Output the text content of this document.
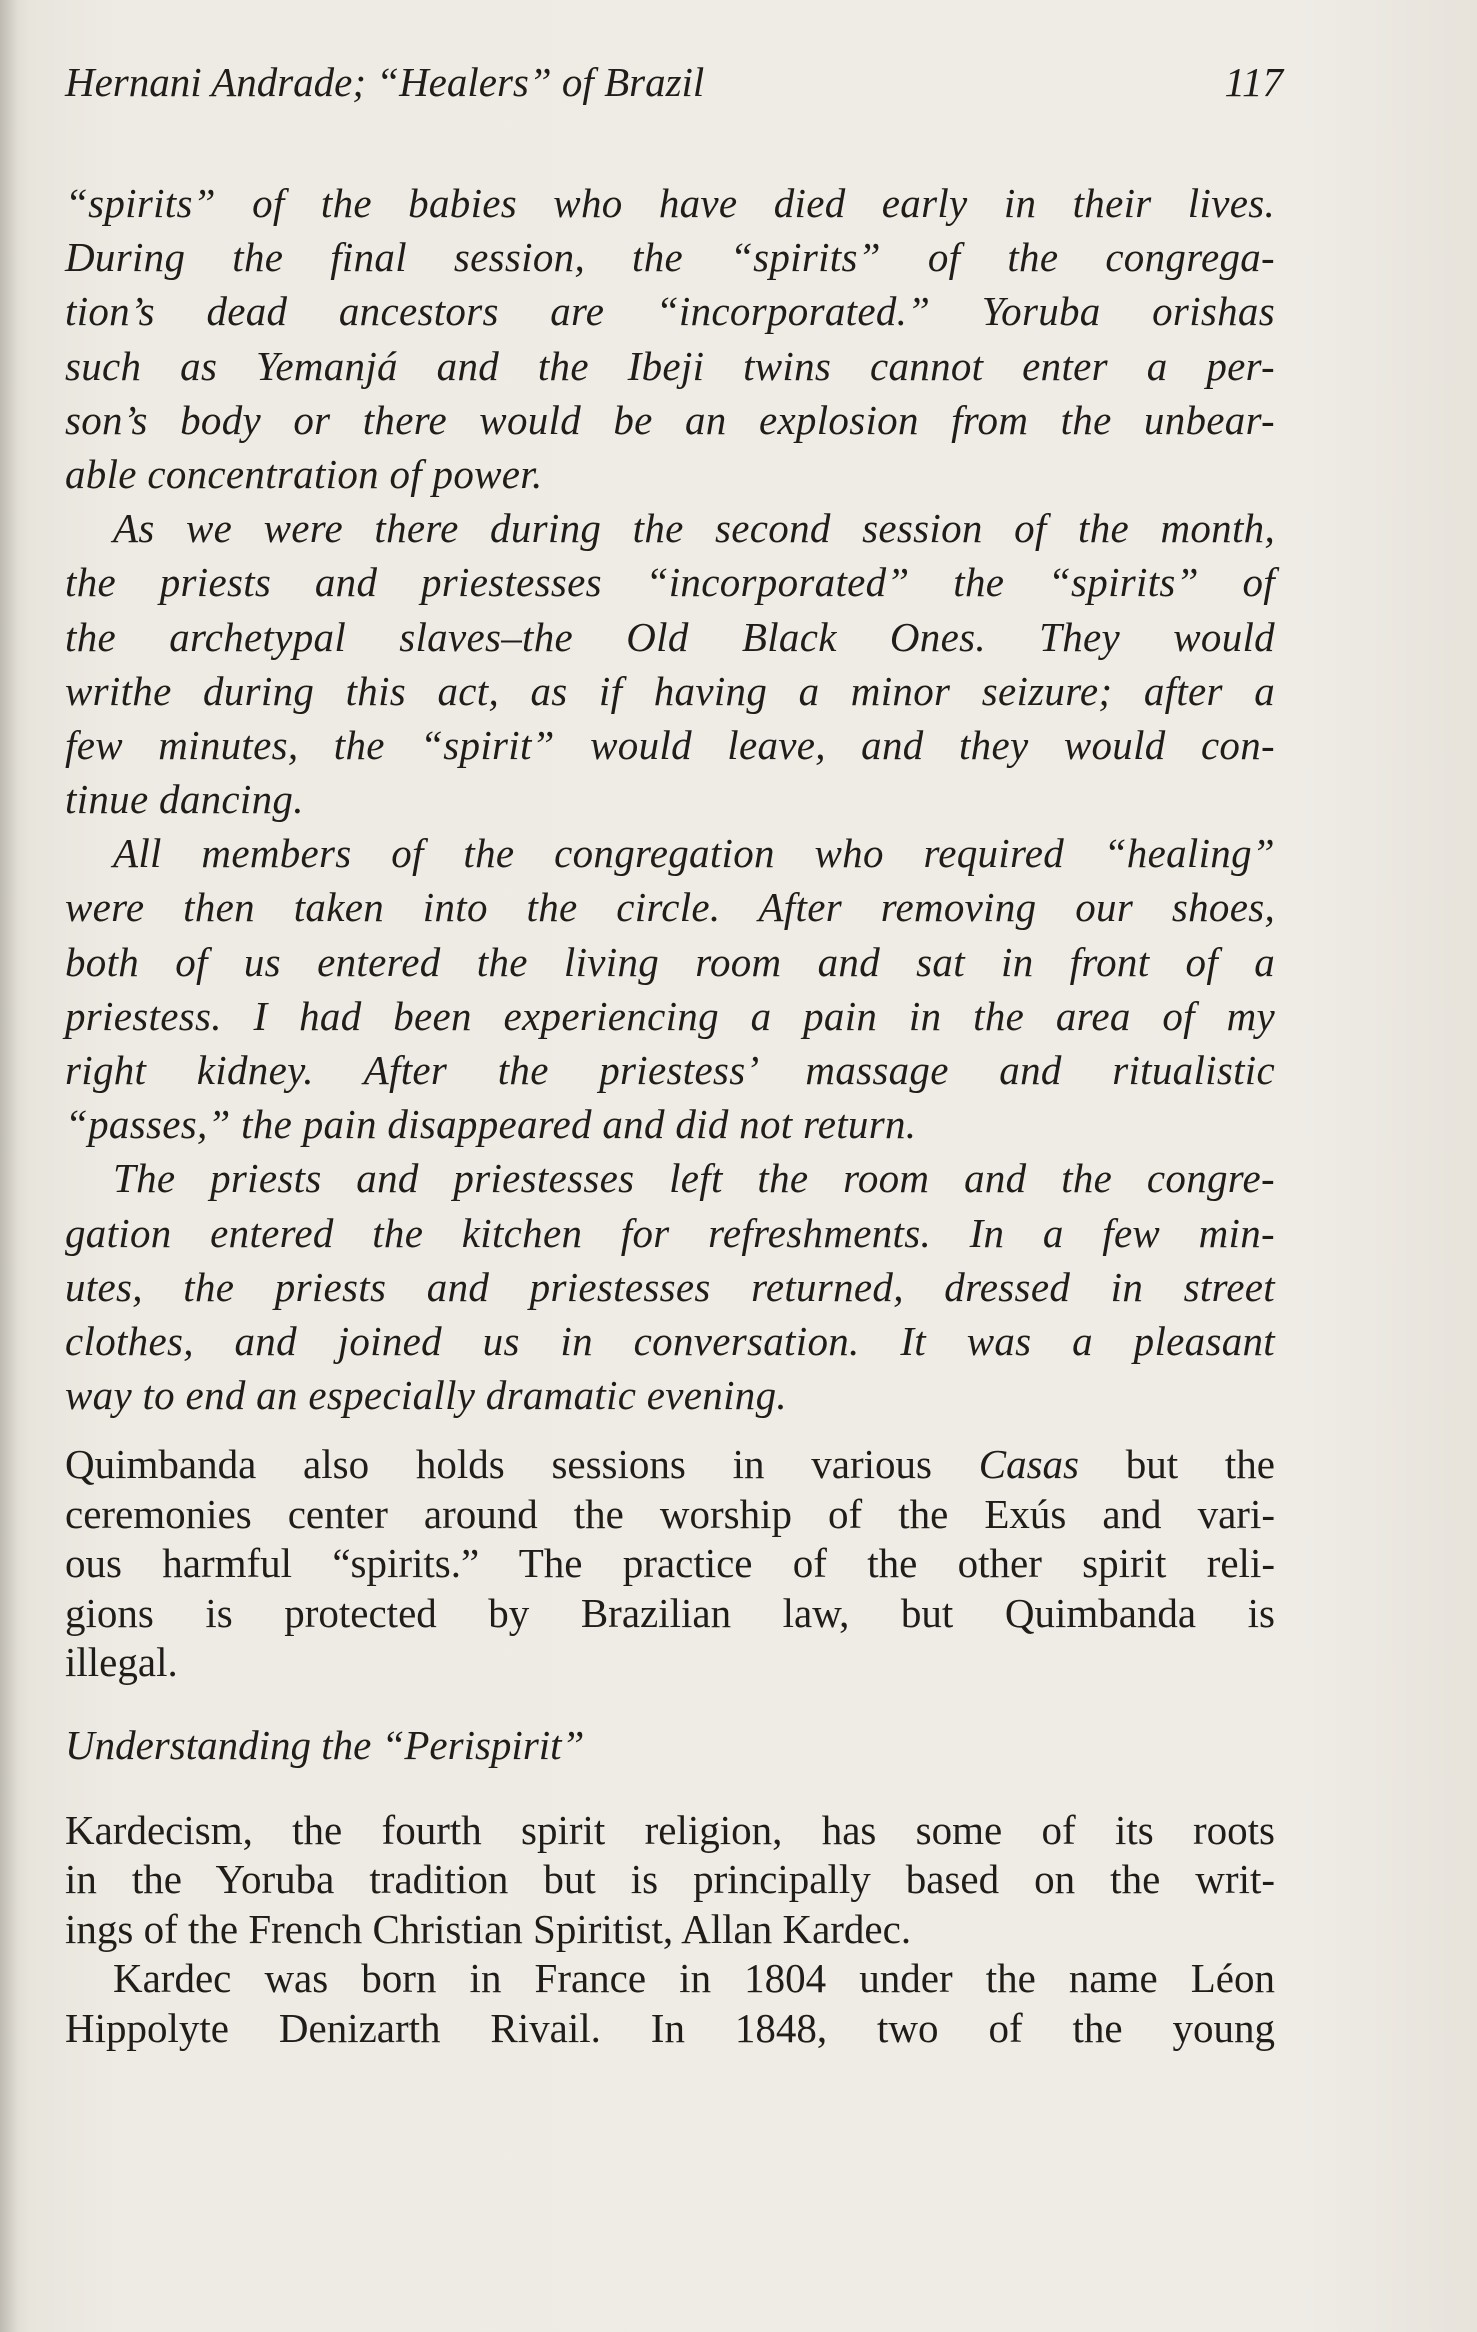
Hernani Andrade; “Healers” of Brazil	117
“spirits” of the babies who have died early in their lives.
During the final session, the “spirits” of the congrega-
tion’s dead ancestors are “incorporated.” Yoruba orishas
such as Yemanjá and the Ibeji twins cannot enter a per-
son’s body or there would be an explosion from the unbear-
able concentration of power.
As we were there during the second session of the month,
the priests and priestesses “incorporated” the “spirits” of
the archetypal slaves–the Old Black Ones. They would
writhe during this act, as if having a minor seizure; after a
few minutes, the “spirit” would leave, and they would con-
tinue dancing.
All members of the congregation who required “healing”
were then taken into the circle. After removing our shoes,
both of us entered the living room and sat in front of a
priestess. I had been experiencing a pain in the area of my
right kidney. After the priestess’ massage and ritualistic
“passes,” the pain disappeared and did not return.
The priests and priestesses left the room and the congre-
gation entered the kitchen for refreshments. In a few min-
utes, the priests and priestesses returned, dressed in street
clothes, and joined us in conversation. It was a pleasant
way to end an especially dramatic evening.
Quimbanda also holds sessions in various Casas but the
ceremonies center around the worship of the Exús and vari-
ous harmful “spirits.” The practice of the other spirit reli-
gions is protected by Brazilian law, but Quimbanda is
illegal.
Understanding the “Perispirit”
Kardecism, the fourth spirit religion, has some of its roots
in the Yoruba tradition but is principally based on the writ-
ings of the French Christian Spiritist, Allan Kardec.
Kardec was born in France in 1804 under the name Léon
Hippolyte Denizarth Rivail. In 1848, two of the young
